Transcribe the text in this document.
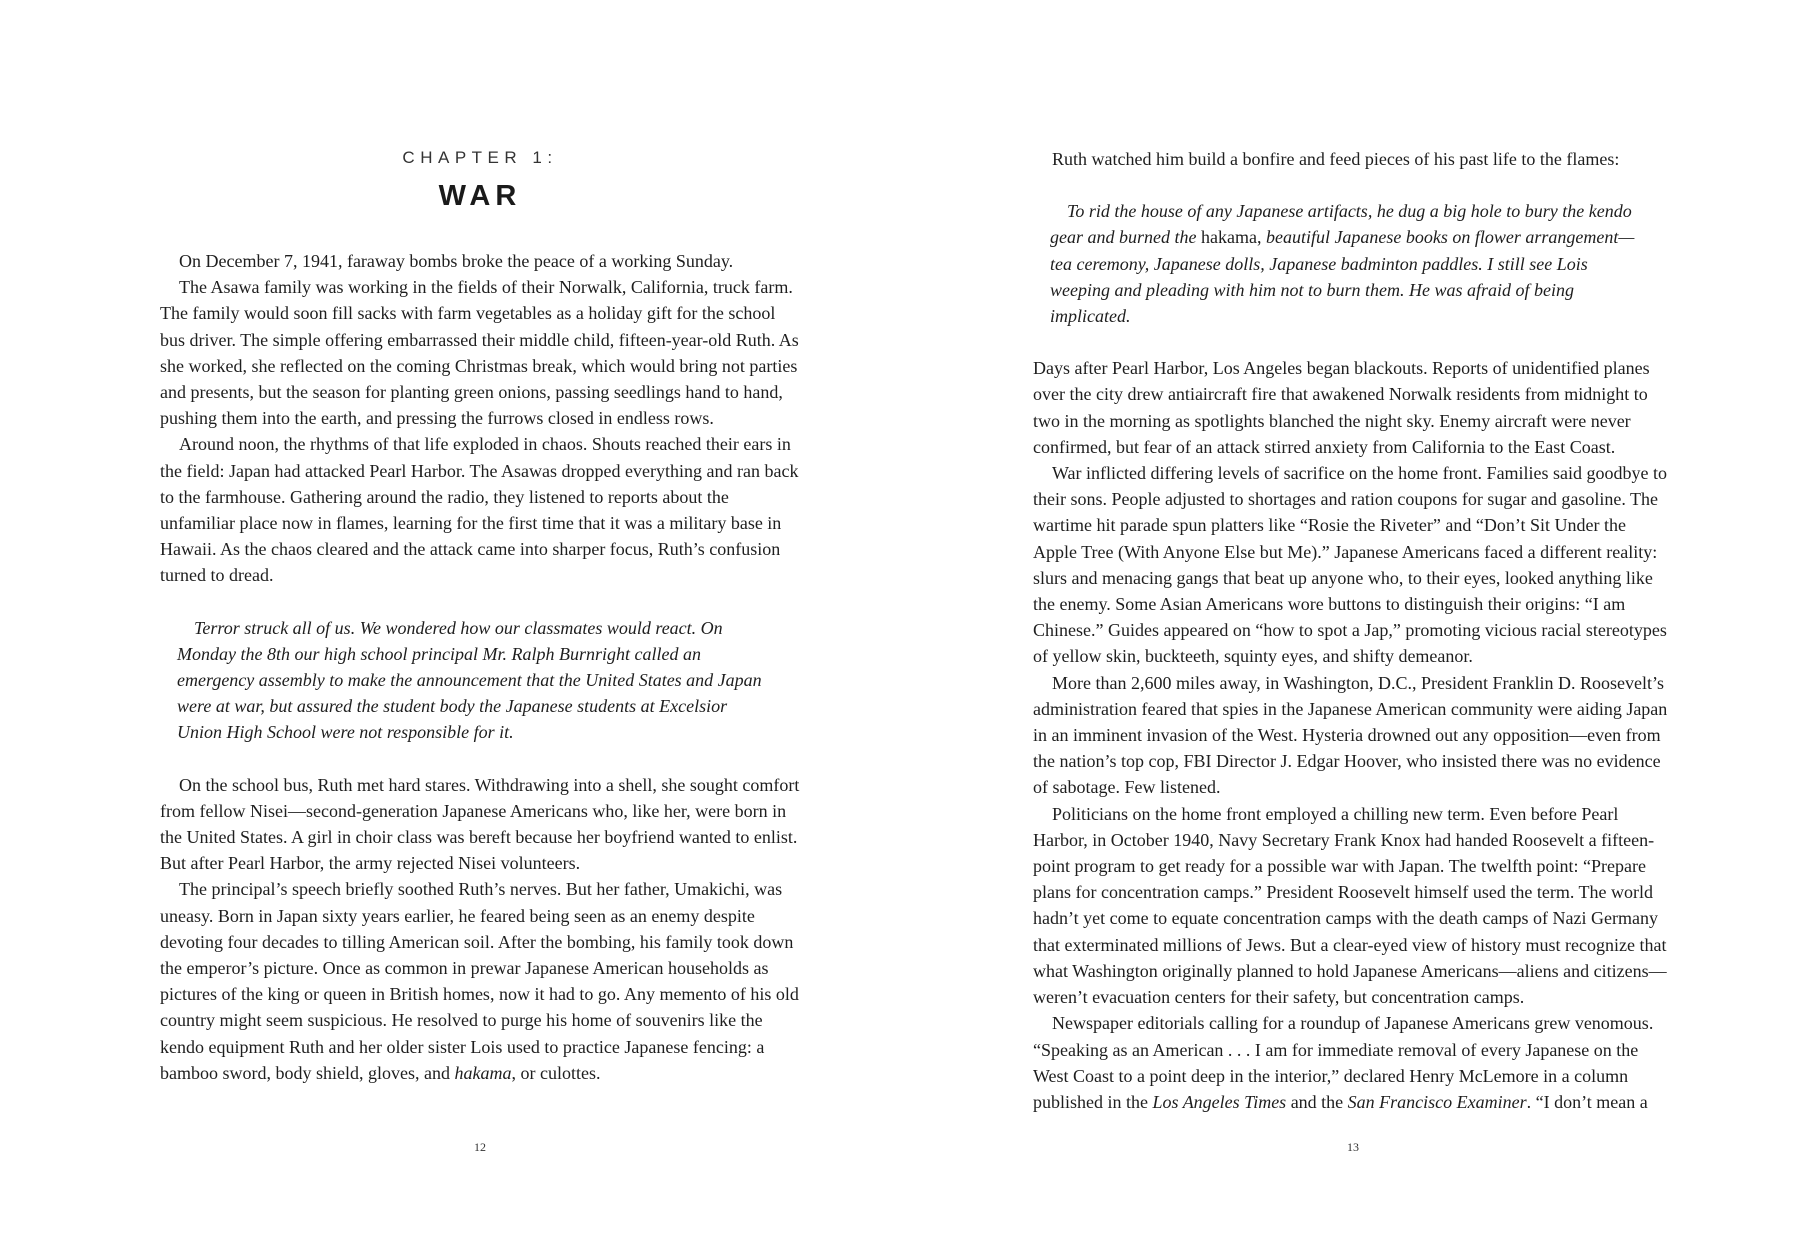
CHAPTER 1:
WAR

On December 7, 1941, faraway bombs broke the peace of a working Sunday.

The Asawa family was working in the fields of their Norwalk, California, truck farm. The family would soon fill sacks with farm vegetables as a holiday gift for the school bus driver. The simple offering embarrassed their middle child, fifteen-year-old Ruth. As she worked, she reflected on the coming Christmas break, which would bring not parties and presents, but the season for planting green onions, passing seedlings hand to hand, pushing them into the earth, and pressing the furrows closed in endless rows.

Around noon, the rhythms of that life exploded in chaos. Shouts reached their ears in the field: Japan had attacked Pearl Harbor. The Asawas dropped everything and ran back to the farmhouse. Gathering around the radio, they listened to reports about the unfamiliar place now in flames, learning for the first time that it was a military base in Hawaii. As the chaos cleared and the attack came into sharper focus, Ruth’s confusion turned to dread.

Terror struck all of us. We wondered how our classmates would react. On Monday the 8th our high school principal Mr. Ralph Burnright called an emergency assembly to make the announcement that the United States and Japan were at war, but assured the student body the Japanese students at Excelsior Union High School were not responsible for it.

On the school bus, Ruth met hard stares. Withdrawing into a shell, she sought comfort from fellow Nisei—second-generation Japanese Americans who, like her, were born in the United States. A girl in choir class was bereft because her boyfriend wanted to enlist. But after Pearl Harbor, the army rejected Nisei volunteers.

The principal’s speech briefly soothed Ruth’s nerves. But her father, Umakichi, was uneasy. Born in Japan sixty years earlier, he feared being seen as an enemy despite devoting four decades to tilling American soil. After the bombing, his family took down the emperor’s picture. Once as common in prewar Japanese American households as pictures of the king or queen in British homes, now it had to go. Any memento of his old country might seem suspicious. He resolved to purge his home of souvenirs like the kendo equipment Ruth and her older sister Lois used to practice Japanese fencing: a bamboo sword, body shield, gloves, and hakama, or culottes.

12

Ruth watched him build a bonfire and feed pieces of his past life to the flames:

To rid the house of any Japanese artifacts, he dug a big hole to bury the kendo gear and burned the hakama, beautiful Japanese books on flower arrangement—tea ceremony, Japanese dolls, Japanese badminton paddles. I still see Lois weeping and pleading with him not to burn them. He was afraid of being implicated.

Days after Pearl Harbor, Los Angeles began blackouts. Reports of unidentified planes over the city drew antiaircraft fire that awakened Norwalk residents from midnight to two in the morning as spotlights blanched the night sky. Enemy aircraft were never confirmed, but fear of an attack stirred anxiety from California to the East Coast.

War inflicted differing levels of sacrifice on the home front. Families said goodbye to their sons. People adjusted to shortages and ration coupons for sugar and gasoline. The wartime hit parade spun platters like “Rosie the Riveter” and “Don’t Sit Under the Apple Tree (With Anyone Else but Me).” Japanese Americans faced a different reality: slurs and menacing gangs that beat up anyone who, to their eyes, looked anything like the enemy. Some Asian Americans wore buttons to distinguish their origins: “I am Chinese.” Guides appeared on “how to spot a Jap,” promoting vicious racial stereotypes of yellow skin, buckteeth, squinty eyes, and shifty demeanor.

More than 2,600 miles away, in Washington, D.C., President Franklin D. Roosevelt’s administration feared that spies in the Japanese American community were aiding Japan in an imminent invasion of the West. Hysteria drowned out any opposition—even from the nation’s top cop, FBI Director J. Edgar Hoover, who insisted there was no evidence of sabotage. Few listened.

Politicians on the home front employed a chilling new term. Even before Pearl Harbor, in October 1940, Navy Secretary Frank Knox had handed Roosevelt a fifteen-point program to get ready for a possible war with Japan. The twelfth point: “Prepare plans for concentration camps.” President Roosevelt himself used the term. The world hadn’t yet come to equate concentration camps with the death camps of Nazi Germany that exterminated millions of Jews. But a clear-eyed view of history must recognize that what Washington originally planned to hold Japanese Americans—aliens and citizens—weren’t evacuation centers for their safety, but concentration camps.

Newspaper editorials calling for a roundup of Japanese Americans grew venomous. “Speaking as an American . . . I am for immediate removal of every Japanese on the West Coast to a point deep in the interior,” declared Henry McLemore in a column published in the Los Angeles Times and the San Francisco Examiner. “I don’t mean a

13
